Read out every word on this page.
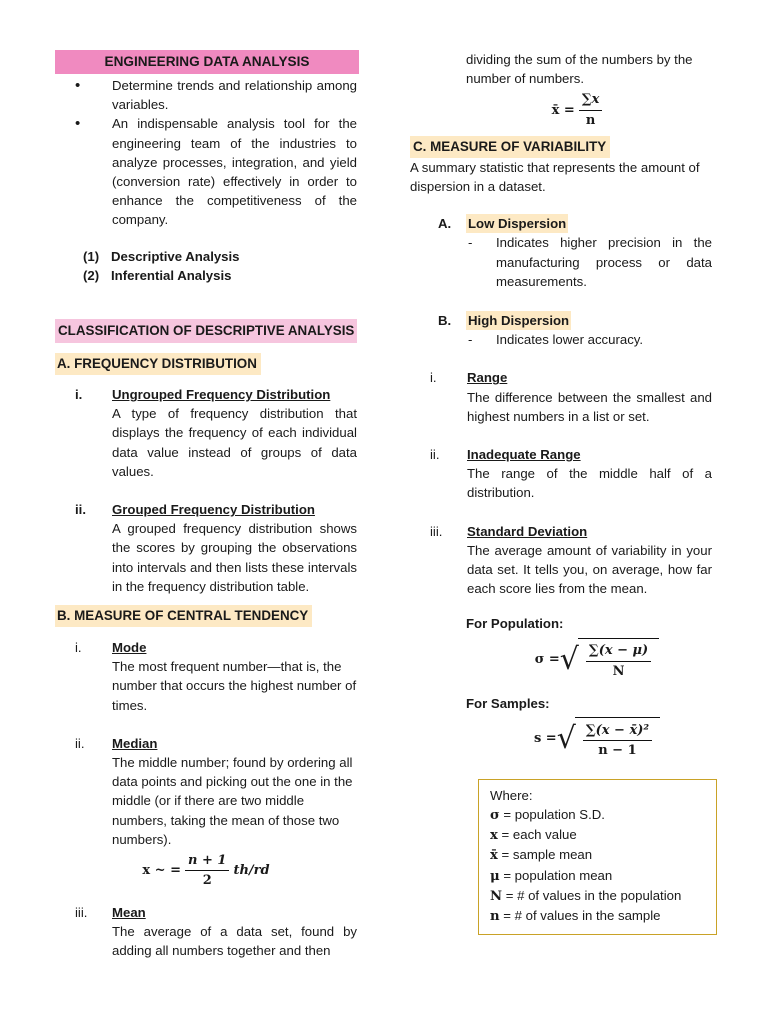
ENGINEERING DATA ANALYSIS
• Determine trends and relationship among variables.
• An indispensable analysis tool for the engineering team of the industries to analyze processes, integration, and yield (conversion rate) effectively in order to enhance the competitiveness of the company.
(1) Descriptive Analysis
(2) Inferential Analysis
CLASSIFICATION OF DESCRIPTIVE ANALYSIS
A. FREQUENCY DISTRIBUTION
i.	Ungrouped Frequency Distribution
A type of frequency distribution that displays the frequency of each individual data value instead of groups of data values.
ii.	Grouped Frequency Distribution
A grouped frequency distribution shows the scores by grouping the observations into intervals and then lists these intervals in the frequency distribution table.
B. MEASURE OF CENTRAL TENDENCY
i.	Mode
The most frequent number—that is, the number that occurs the highest number of times.
ii.	Median
The middle number; found by ordering all data points and picking out the one in the middle (or if there are two middle numbers, taking the mean of those two numbers).
x ~ = $\frac{n + 1}{2} th/rd$
iii.	Mean
The average of a data set, found by adding all numbers together and then
dividing the sum of the numbers by the number of numbers.
x̄ = $\frac{\sum x}{n}$
C. MEASURE OF VARIABILITY
A summary statistic that represents the amount of dispersion in a dataset.
A.	Low Dispersion
-	Indicates higher precision in the manufacturing process or data measurements.
B.	High Dispersion
-	Indicates lower accuracy.
i.	Range
The difference between the smallest and highest numbers in a list or set.
ii.	Inadequate Range
The range of the middle half of a distribution.
iii.	Standard Deviation
The average amount of variability in your data set. It tells you, on average, how far each score lies from the mean.
For Population:
σ = √ $\frac{\sum(x - \mu)}{N}$
For Samples:
s = √ $\frac{\text{∑(x − x̄)²}}{n - 1}$
Where:
σ = population S.D.
x = each value
x̄ = sample mean
μ = population mean
N = # of values in the population
n = # of values in the sample
